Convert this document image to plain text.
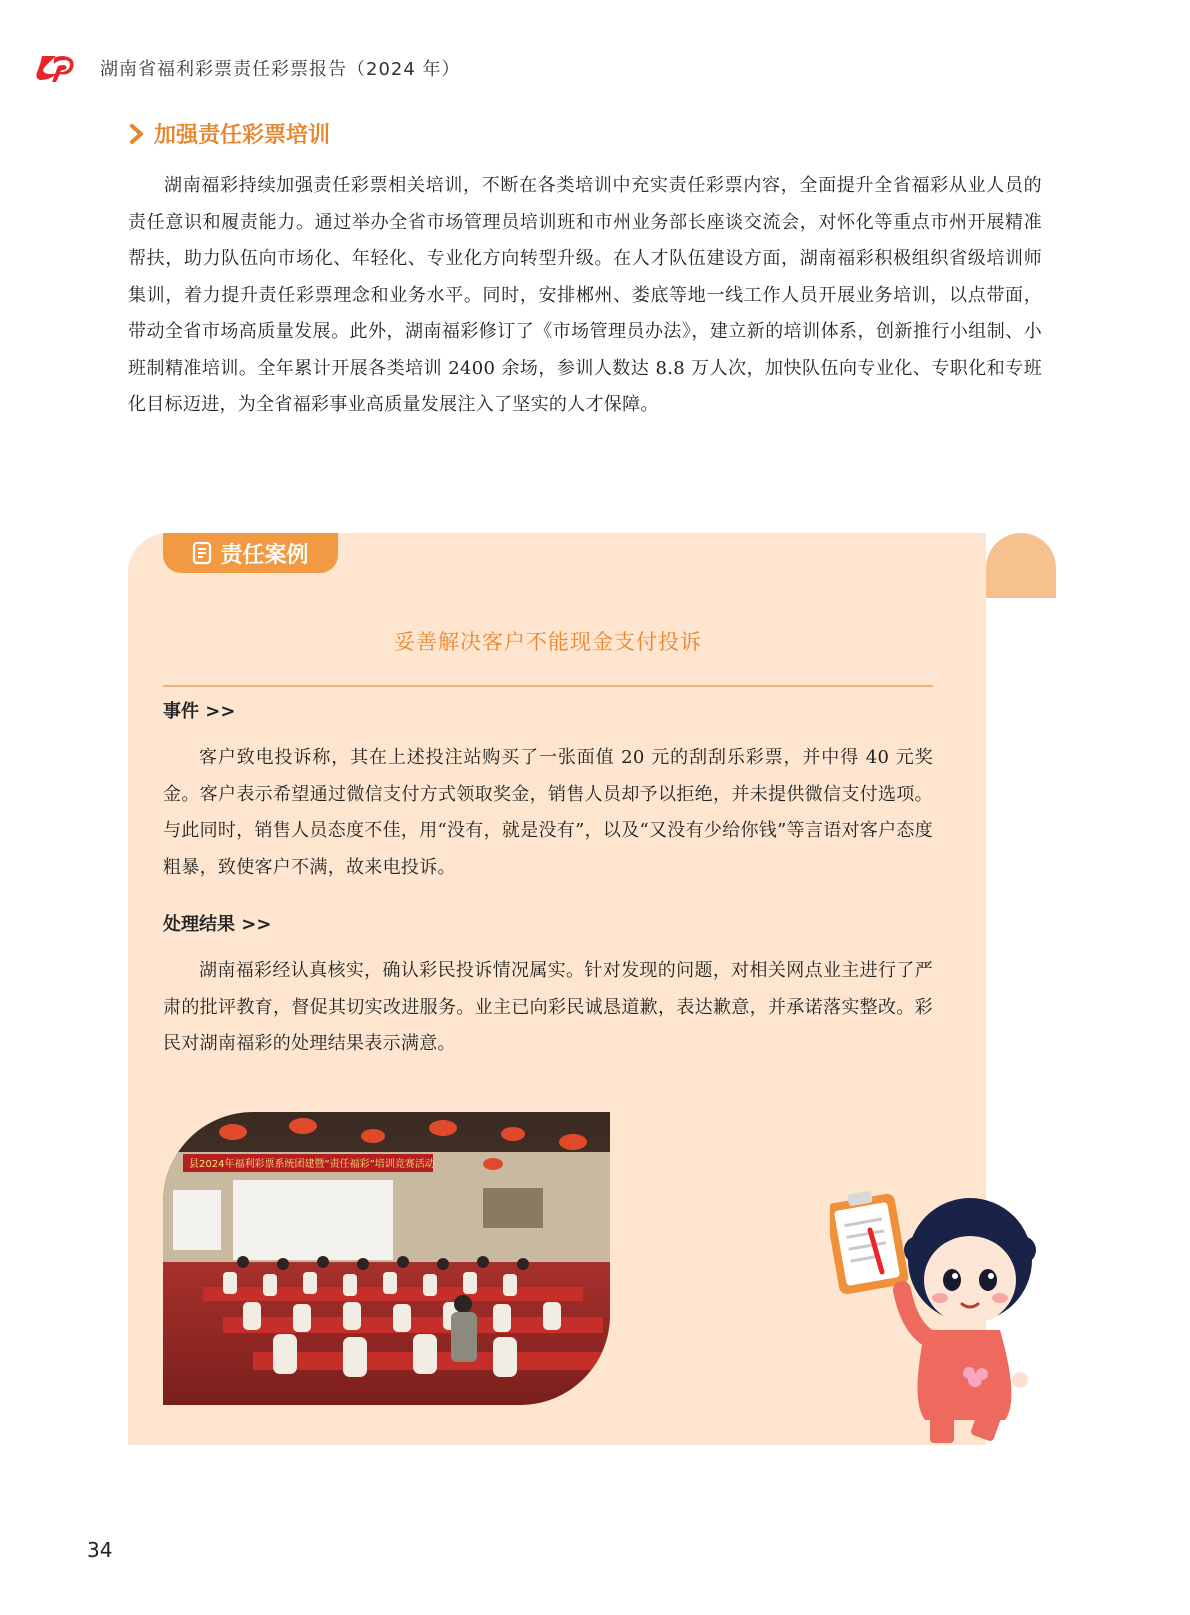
湖南省福利彩票责任彩票报告（2024 年）
加强责任彩票培训

湖南福彩持续加强责任彩票相关培训，不断在各类培训中充实责任彩票内容，全面提升全省福彩从业人员的责任意识和履责能力。通过举办全省市场管理员培训班和市州业务部长座谈交流会，对怀化等重点市州开展精准帮扶，助力队伍向市场化、年轻化、专业化方向转型升级。在人才队伍建设方面，湖南福彩积极组织省级培训师集训，着力提升责任彩票理念和业务水平。同时，安排郴州、娄底等地一线工作人员开展业务培训，以点带面，带动全省市场高质量发展。此外，湖南福彩修订了《市场管理员办法》，建立新的培训体系，创新推行小组制、小班制精准培训。全年累计开展各类培训 2400 余场，参训人数达 8.8 万人次，加快队伍向专业化、专职化和专班化目标迈进，为全省福彩事业高质量发展注入了坚实的人才保障。

责任案例
妥善解决客户不能现金支付投诉
事件 >>

客户致电投诉称，其在上述投注站购买了一张面值 20 元的刮刮乐彩票，并中得 40 元奖金。客户表示希望通过微信支付方式领取奖金，销售人员却予以拒绝，并未提供微信支付选项。与此同时，销售人员态度不佳，用“没有，就是没有”，以及“又没有少给你钱”等言语对客户态度粗暴，致使客户不满，故来电投诉。

处理结果 >>

湖南福彩经认真核实，确认彩民投诉情况属实。针对发现的问题，对相关网点业主进行了严肃的批评教育，督促其切实改进服务。业主已向彩民诚恳道歉，表达歉意，并承诺落实整改。彩民对湖南福彩的处理结果表示满意。

县2024年福利彩票系统团建暨“责任福彩”培训竞赛活动
34
